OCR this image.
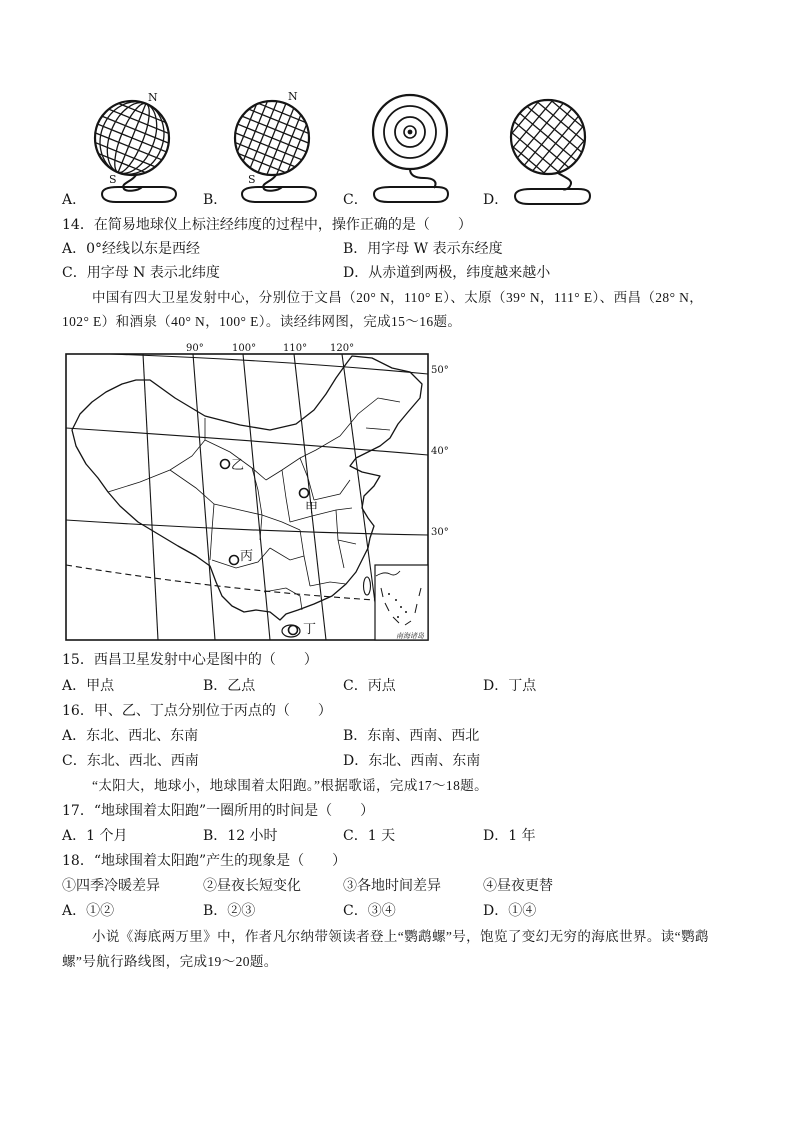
N
S
N
S
A．	B．	C．	D．
14．在简易地球仪上标注经纬度的过程中，操作正确的是（　　）
A．0°经线以东是西经	B．用字母 W 表示东经度
C．用字母 N 表示北纬度	D．从赤道到两极，纬度越来越小
中国有四大卫星发射中心，分别位于文昌（20° N，110° E）、太原（39° N，111° E）、西昌（28° N，
102° E）和酒泉（40° N，100° E）。读经纬网图，完成15～16题。
90°	100°	110° 120°
50°
40°
30°
乙
甲
丙
丁	南海诸岛
15．西昌卫星发射中心是图中的（　　）
A．甲点	B．乙点	C．丙点	D．丁点
16．甲、乙、丁点分别位于丙点的（　　）
A．东北、西北、东南	B．东南、西南、西北
C．东北、西北、西南	D．东北、西南、东南
“太阳大，地球小，地球围着太阳跑。”根据歌谣，完成17～18题。
17．“地球围着太阳跑”一圈所用的时间是（　　）
A．1 个月	B．12 小时	C．1 天	D．1 年
18．“地球围着太阳跑”产生的现象是（　　）
①四季冷暖差异	②昼夜长短变化	③各地时间差异	④昼夜更替
A．①②	B．②③	C．③④	D．①④
小说《海底两万里》中，作者凡尔纳带领读者登上“鹦鹉螺”号，饱览了变幻无穷的海底世界。读“鹦鹉
螺”号航行路线图，完成19～20题。
